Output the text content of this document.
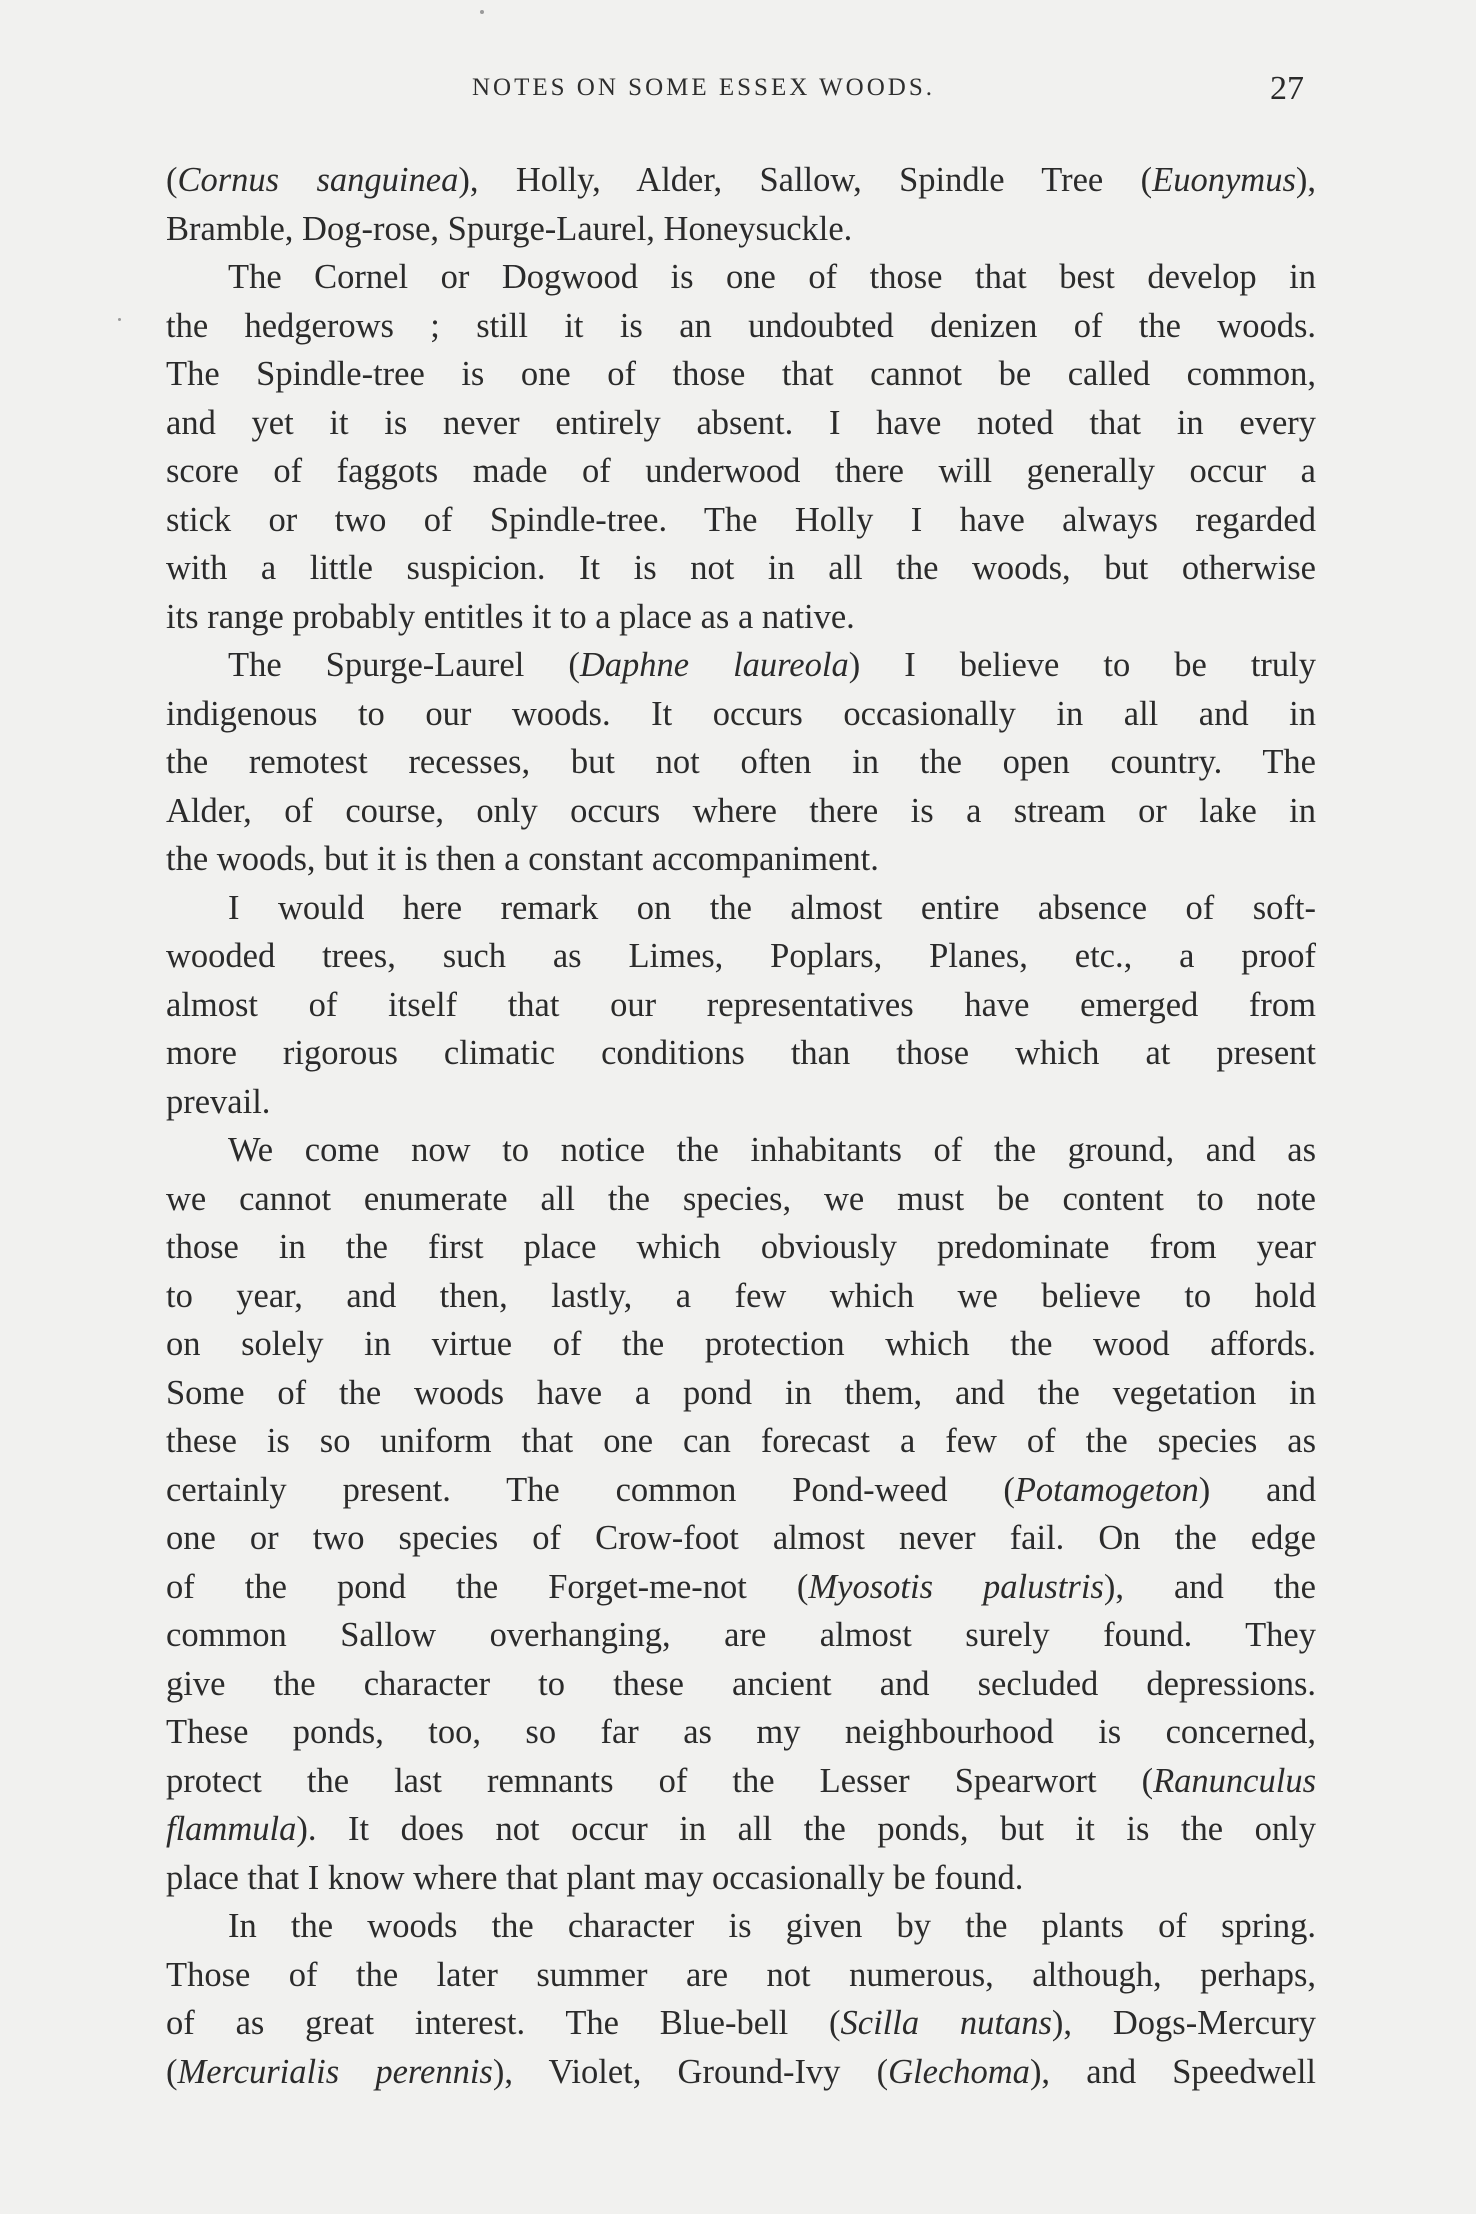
NOTES ON SOME ESSEX WOODS.	27
(Cornus sanguinea), Holly, Alder, Sallow, Spindle Tree (Euonymus),
Bramble, Dog-rose, Spurge-Laurel, Honeysuckle.
The Cornel or Dogwood is one of those that best develop in
the hedgerows ; still it is an undoubted denizen of the woods.
The Spindle-tree is one of those that cannot be called common,
and yet it is never entirely absent. I have noted that in every
score of faggots made of underwood there will generally occur a
stick or two of Spindle-tree. The Holly I have always regarded
with a little suspicion. It is not in all the woods, but otherwise
its range probably entitles it to a place as a native.
The Spurge-Laurel (Daphne laureola) I believe to be truly
indigenous to our woods. It occurs occasionally in all and in
the remotest recesses, but not often in the open country. The
Alder, of course, only occurs where there is a stream or lake in
the woods, but it is then a constant accompaniment.
I would here remark on the almost entire absence of soft-
wooded trees, such as Limes, Poplars, Planes, etc., a proof
almost of itself that our representatives have emerged from
more rigorous climatic conditions than those which at present
prevail.
We come now to notice the inhabitants of the ground, and as
we cannot enumerate all the species, we must be content to note
those in the first place which obviously predominate from year
to year, and then, lastly, a few which we believe to hold
on solely in virtue of the protection which the wood affords.
Some of the woods have a pond in them, and the vegetation in
these is so uniform that one can forecast a few of the species as
certainly present. The common Pond-weed (Potamogeton) and
one or two species of Crow-foot almost never fail. On the edge
of the pond the Forget-me-not (Myosotis palustris), and the
common Sallow overhanging, are almost surely found. They
give the character to these ancient and secluded depressions.
These ponds, too, so far as my neighbourhood is concerned,
protect the last remnants of the Lesser Spearwort (Ranunculus
flammula). It does not occur in all the ponds, but it is the only
place that I know where that plant may occasionally be found.
In the woods the character is given by the plants of spring.
Those of the later summer are not numerous, although, perhaps,
of as great interest. The Blue-bell (Scilla nutans), Dogs-Mercury
(Mercurialis perennis), Violet, Ground-Ivy (Glechoma), and Speedwell
